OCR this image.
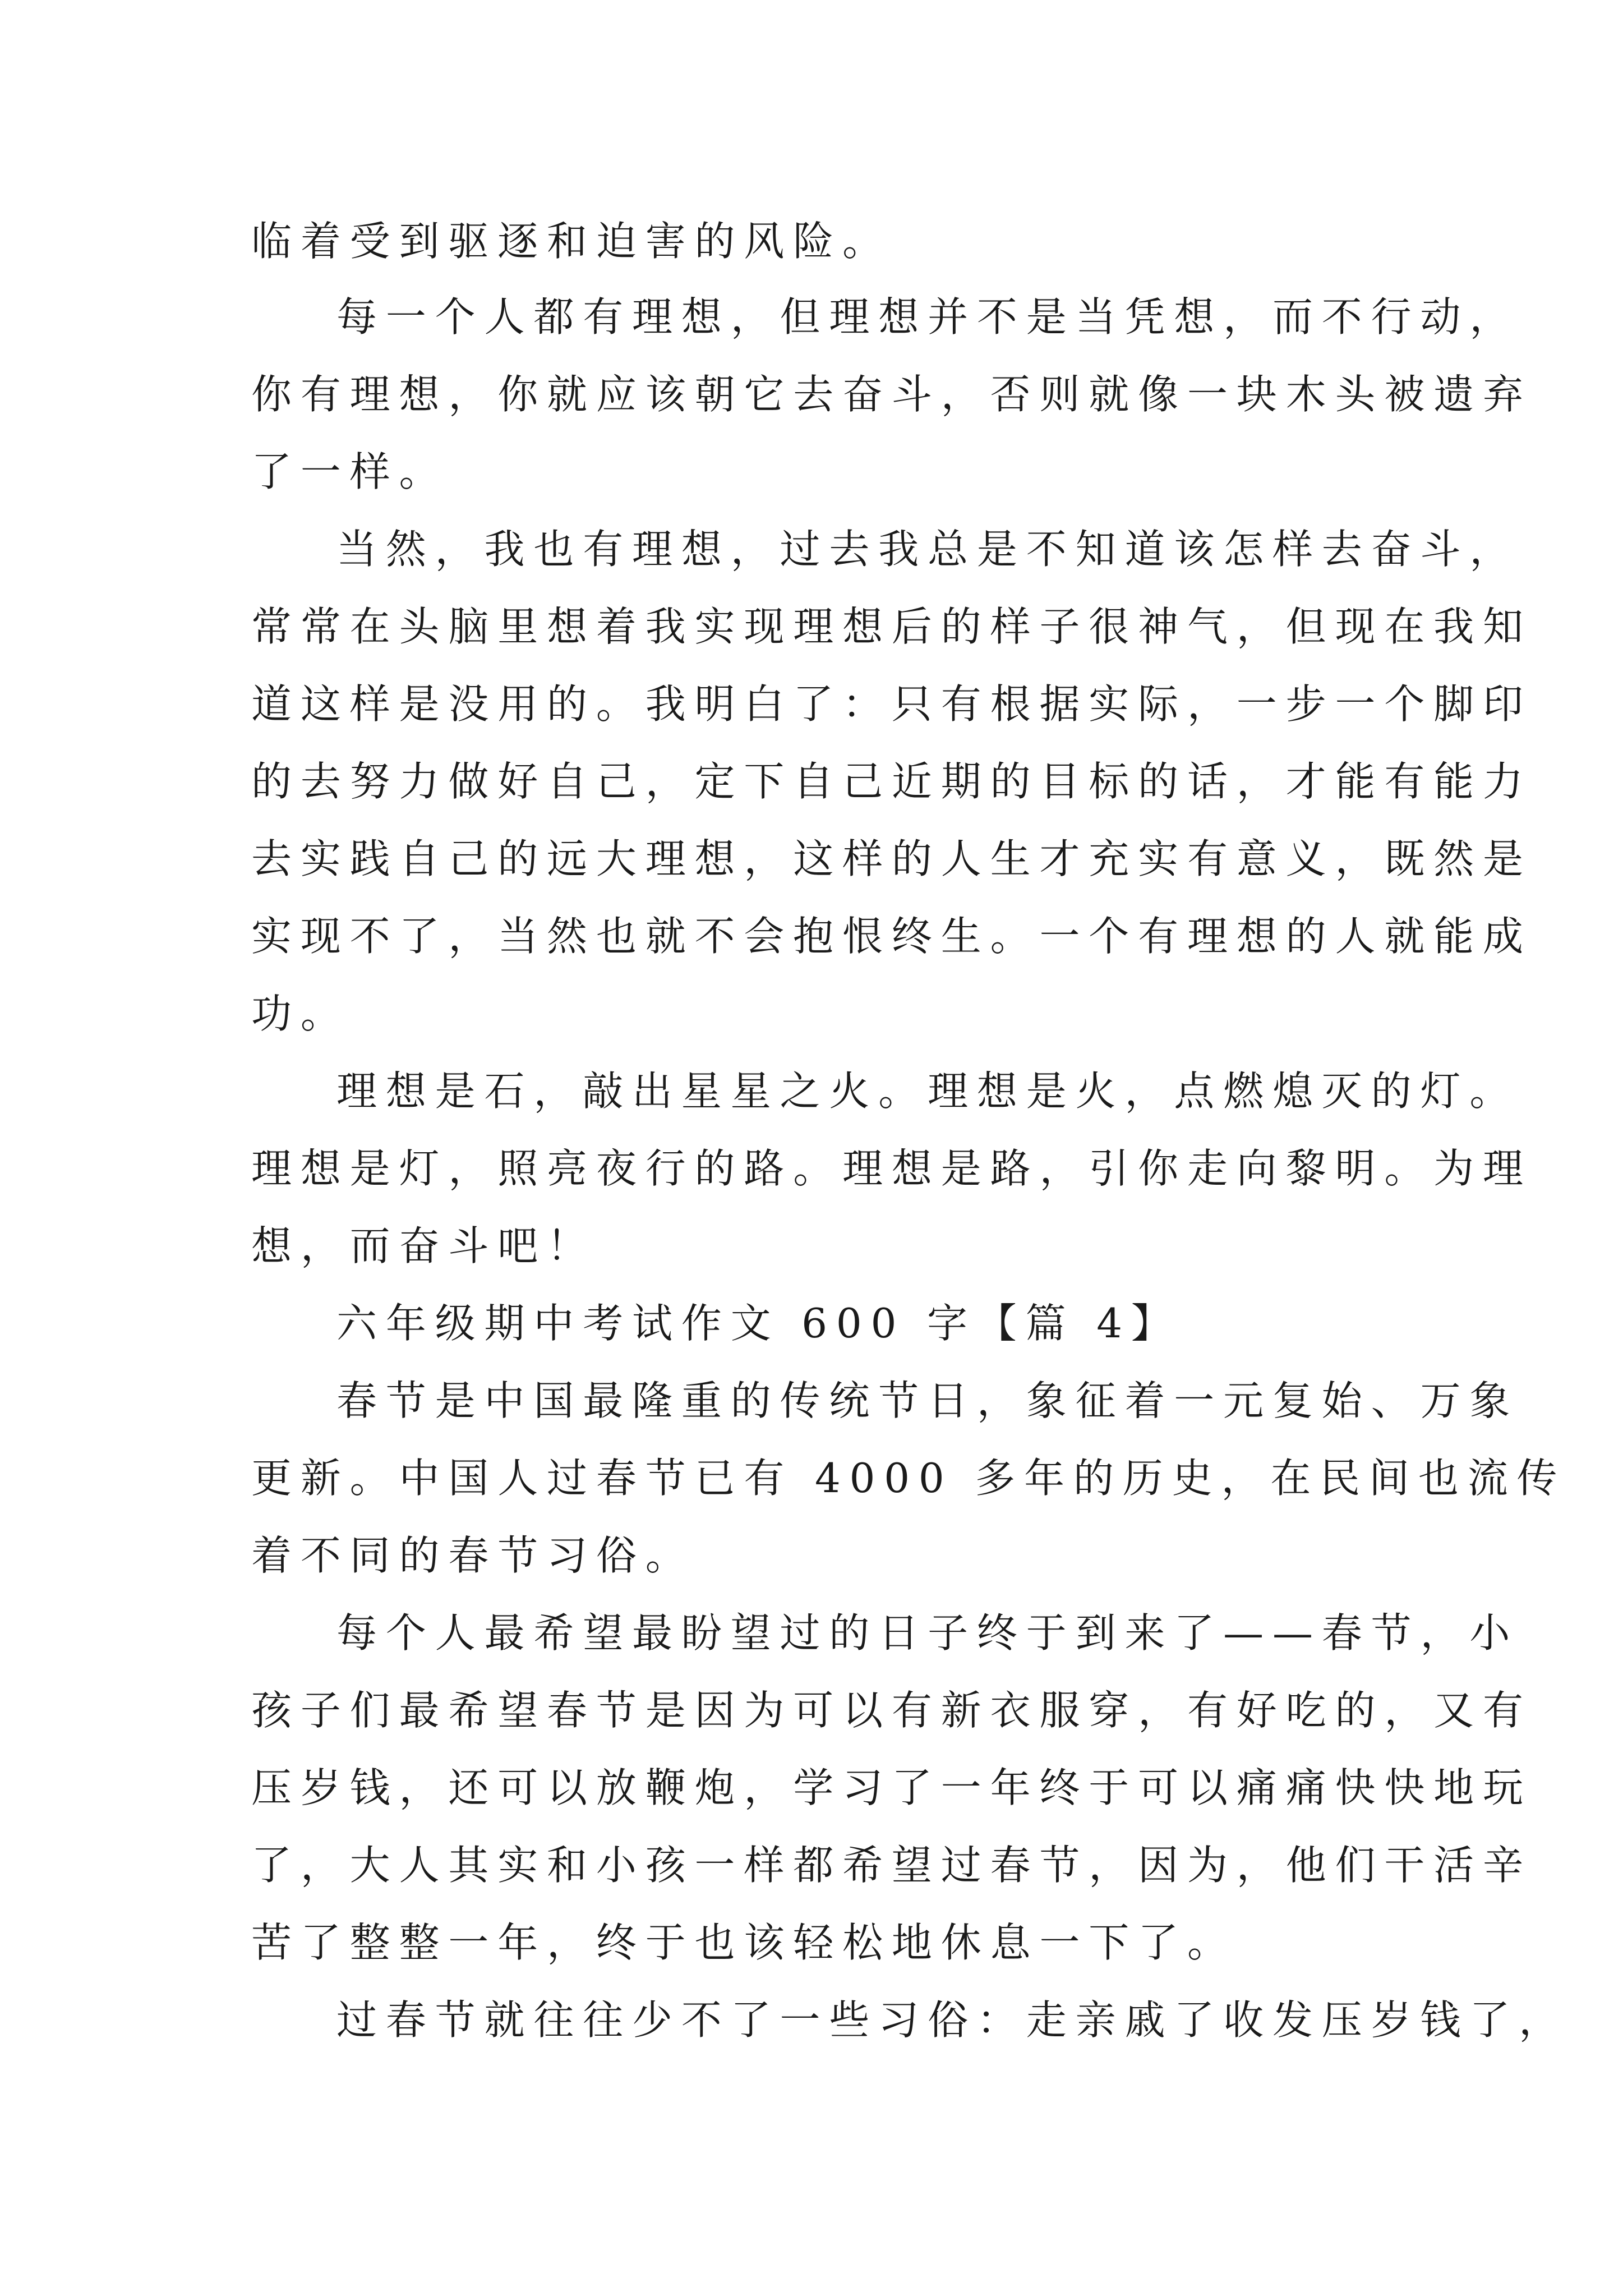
临着受到驱逐和迫害的风险。
每一个人都有理想，但理想并不是当凭想，而不行动，
你有理想，你就应该朝它去奋斗，否则就像一块木头被遗弃
了一样。
当然，我也有理想，过去我总是不知道该怎样去奋斗，
常常在头脑里想着我实现理想后的样子很神气，但现在我知
道这样是没用的。我明白了：只有根据实际，一步一个脚印
的去努力做好自己，定下自己近期的目标的话，才能有能力
去实践自己的远大理想，这样的人生才充实有意义，既然是
实现不了，当然也就不会抱恨终生。一个有理想的人就能成
功。
理想是石，敲出星星之火。理想是火，点燃熄灭的灯。
理想是灯，照亮夜行的路。理想是路，引你走向黎明。为理
想，而奋斗吧！
六年级期中考试作文 600 字【篇 4】
春节是中国最隆重的传统节日，象征着一元复始、万象
更新。中国人过春节已有 4000 多年的历史，在民间也流传
着不同的春节习俗。
每个人最希望最盼望过的日子终于到来了——春节，小
孩子们最希望春节是因为可以有新衣服穿，有好吃的，又有
压岁钱，还可以放鞭炮，学习了一年终于可以痛痛快快地玩
了，大人其实和小孩一样都希望过春节，因为，他们干活辛
苦了整整一年，终于也该轻松地休息一下了。
过春节就往往少不了一些习俗：走亲戚了收发压岁钱了，
